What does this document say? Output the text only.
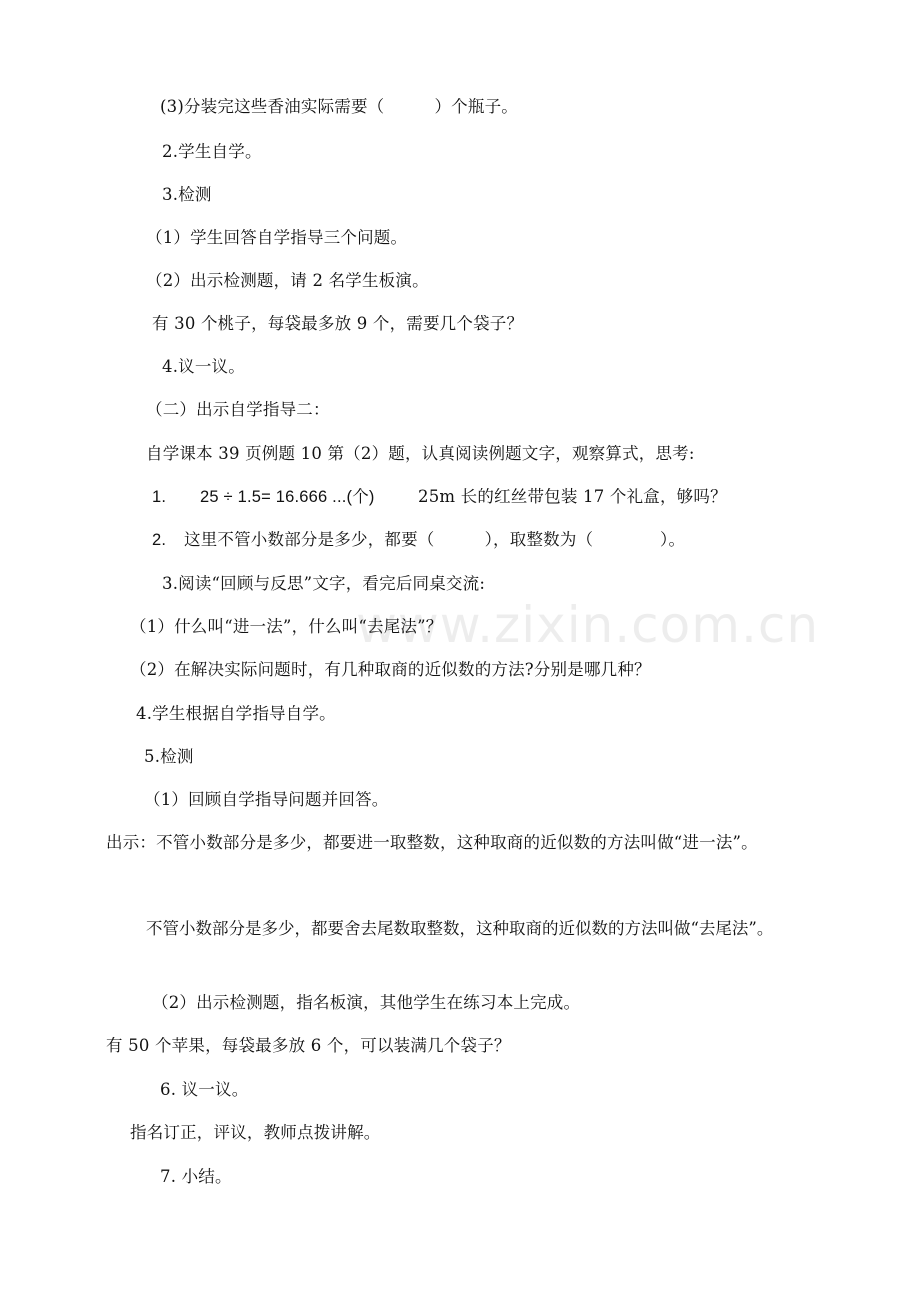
(3)分装完这些香油实际需要（　　　）个瓶子。
2.学生自学。
3.检测
（1）学生回答自学指导三个问题。
（2）出示检测题，请 2 名学生板演。
有 30 个桃子，每袋最多放 9 个，需要几个袋子？
4.议一议。
（二）出示自学指导二：
自学课本 39 页例题 10 第（2）题，认真阅读例题文字，观察算式，思考:
1. 25 ÷ 1.5= 16.666 ...(个)	25m 长的红丝带包装 17 个礼盒，够吗？
2. 这里不管小数部分是多少，都要（　　　），取整数为（　　　　）。
3.阅读“回顾与反思”文字，看完后同桌交流:
（1）什么叫“进一法”，什么叫“去尾法”？
（2）在解决实际问题时，有几种取商的近似数的方法?分别是哪几种？
4.学生根据自学指导自学。
5.检测
（1）回顾自学指导问题并回答。
出示：不管小数部分是多少，都要进一取整数，这种取商的近似数的方法叫做“进一法”。
不管小数部分是多少，都要舍去尾数取整数，这种取商的近似数的方法叫做“去尾法”。
（2）出示检测题，指名板演，其他学生在练习本上完成。
有 50 个苹果，每袋最多放 6 个，可以装满几个袋子？
6. 议一议。
指名订正，评议，教师点拨讲解。
7. 小结。
www.zixin.com.cn
